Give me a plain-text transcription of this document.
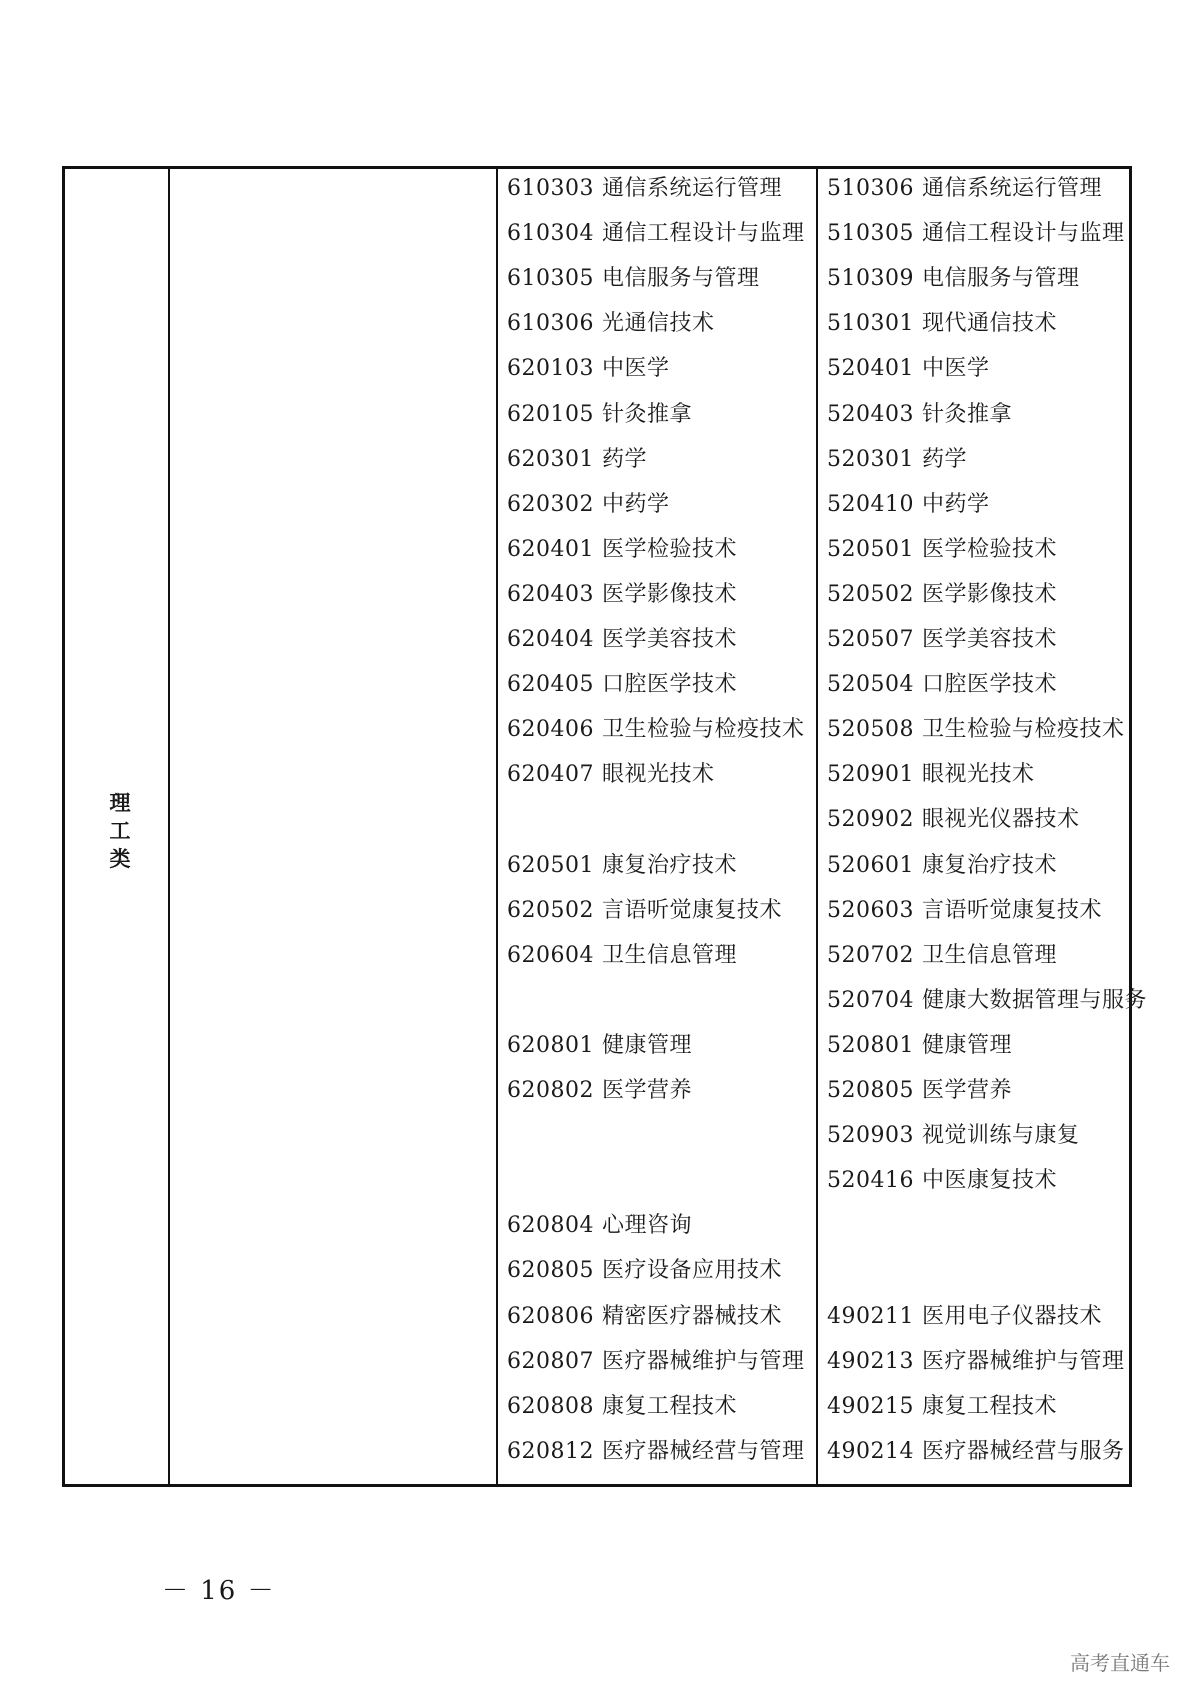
理
工
类
610303 通信系统运行管理
610304 通信工程设计与监理
610305 电信服务与管理
610306 光通信技术
620103 中医学
620105 针灸推拿
620301 药学
620302 中药学
620401 医学检验技术
620403 医学影像技术
620404 医学美容技术
620405 口腔医学技术
620406 卫生检验与检疫技术
620407 眼视光技术
620501 康复治疗技术
620502 言语听觉康复技术
620604 卫生信息管理
620801 健康管理
620802 医学营养
620804 心理咨询
620805 医疗设备应用技术
620806 精密医疗器械技术
620807 医疗器械维护与管理
620808 康复工程技术
620812 医疗器械经营与管理
510306 通信系统运行管理
510305 通信工程设计与监理
510309 电信服务与管理
510301 现代通信技术
520401 中医学
520403 针灸推拿
520301 药学
520410 中药学
520501 医学检验技术
520502 医学影像技术
520507 医学美容技术
520504 口腔医学技术
520508 卫生检验与检疫技术
520901 眼视光技术
520902 眼视光仪器技术
520601 康复治疗技术
520603 言语听觉康复技术
520702 卫生信息管理
520704 健康大数据管理与服务
520801 健康管理
520805 医学营养
520903 视觉训练与康复
520416 中医康复技术
490211 医用电子仪器技术
490213 医疗器械维护与管理
490215 康复工程技术
490214 医疗器械经营与服务
－ 16 －
高考直通车
